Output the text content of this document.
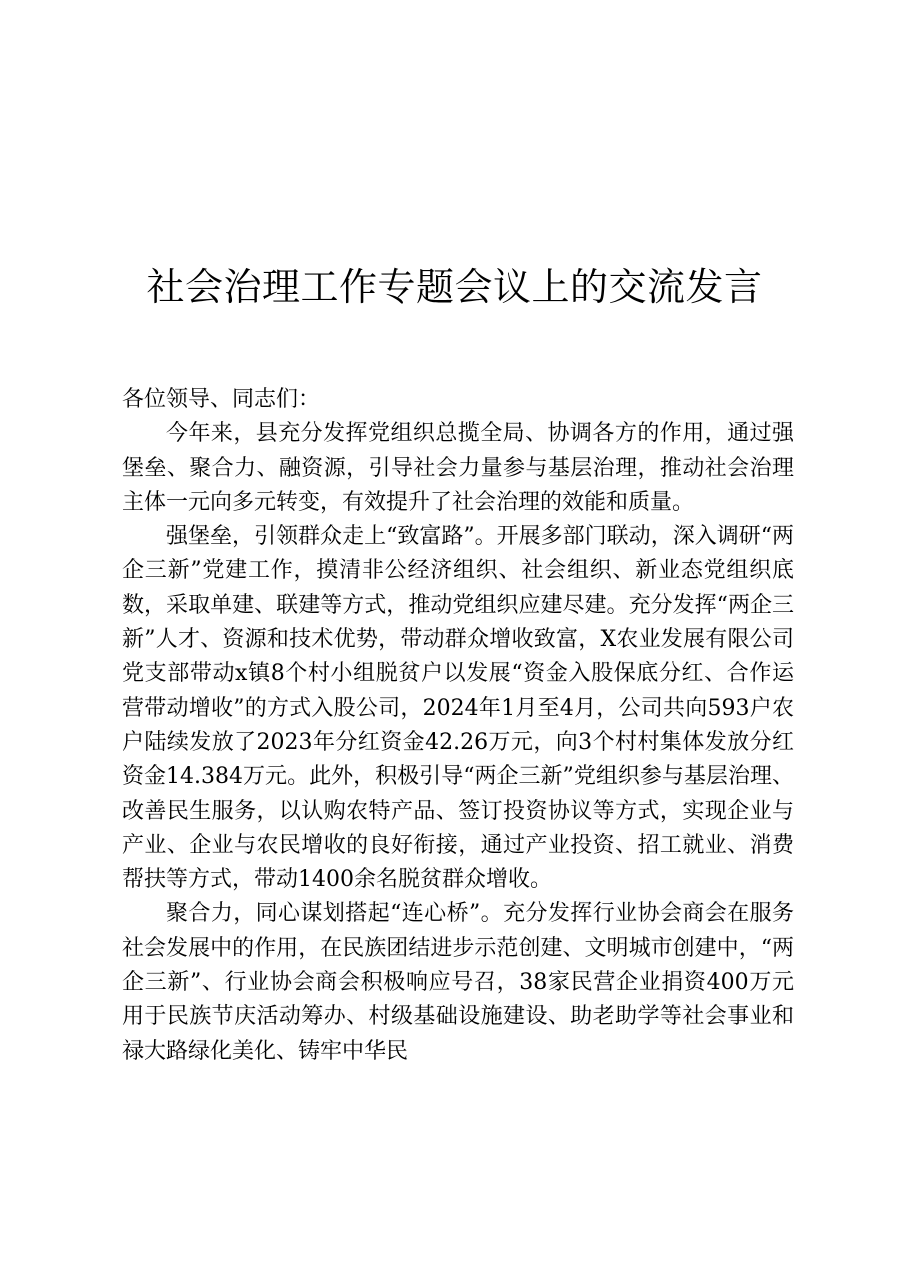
社会治理工作专题会议上的交流发言

各位领导、同志们：

今年来，县充分发挥党组织总揽全局、协调各方的作用，通过强堡垒、聚合力、融资源，引导社会力量参与基层治理，推动社会治理主体一元向多元转变，有效提升了社会治理的效能和质量。

强堡垒，引领群众走上“致富路”。开展多部门联动，深入调研“两企三新”党建工作，摸清非公经济组织、社会组织、新业态党组织底数，采取单建、联建等方式，推动党组织应建尽建。充分发挥“两企三新”人才、资源和技术优势，带动群众增收致富，X农业发展有限公司党支部带动x镇8个村小组脱贫户以发展“资金入股保底分红、合作运营带动增收”的方式入股公司，2024年1月至4月，公司共向593户农户陆续发放了2023年分红资金42.26万元，向3个村村集体发放分红资金14.384万元。此外，积极引导“两企三新”党组织参与基层治理、改善民生服务，以认购农特产品、签订投资协议等方式，实现企业与产业、企业与农民增收的良好衔接，通过产业投资、招工就业、消费帮扶等方式，带动1400余名脱贫群众增收。

聚合力，同心谋划搭起“连心桥”。充分发挥行业协会商会在服务社会发展中的作用，在民族团结进步示范创建、文明城市创建中，“两企三新”、行业协会商会积极响应号召，38家民营企业捐资400万元用于民族节庆活动筹办、村级基础设施建设、助老助学等社会事业和禄大路绿化美化、铸牢中华民
